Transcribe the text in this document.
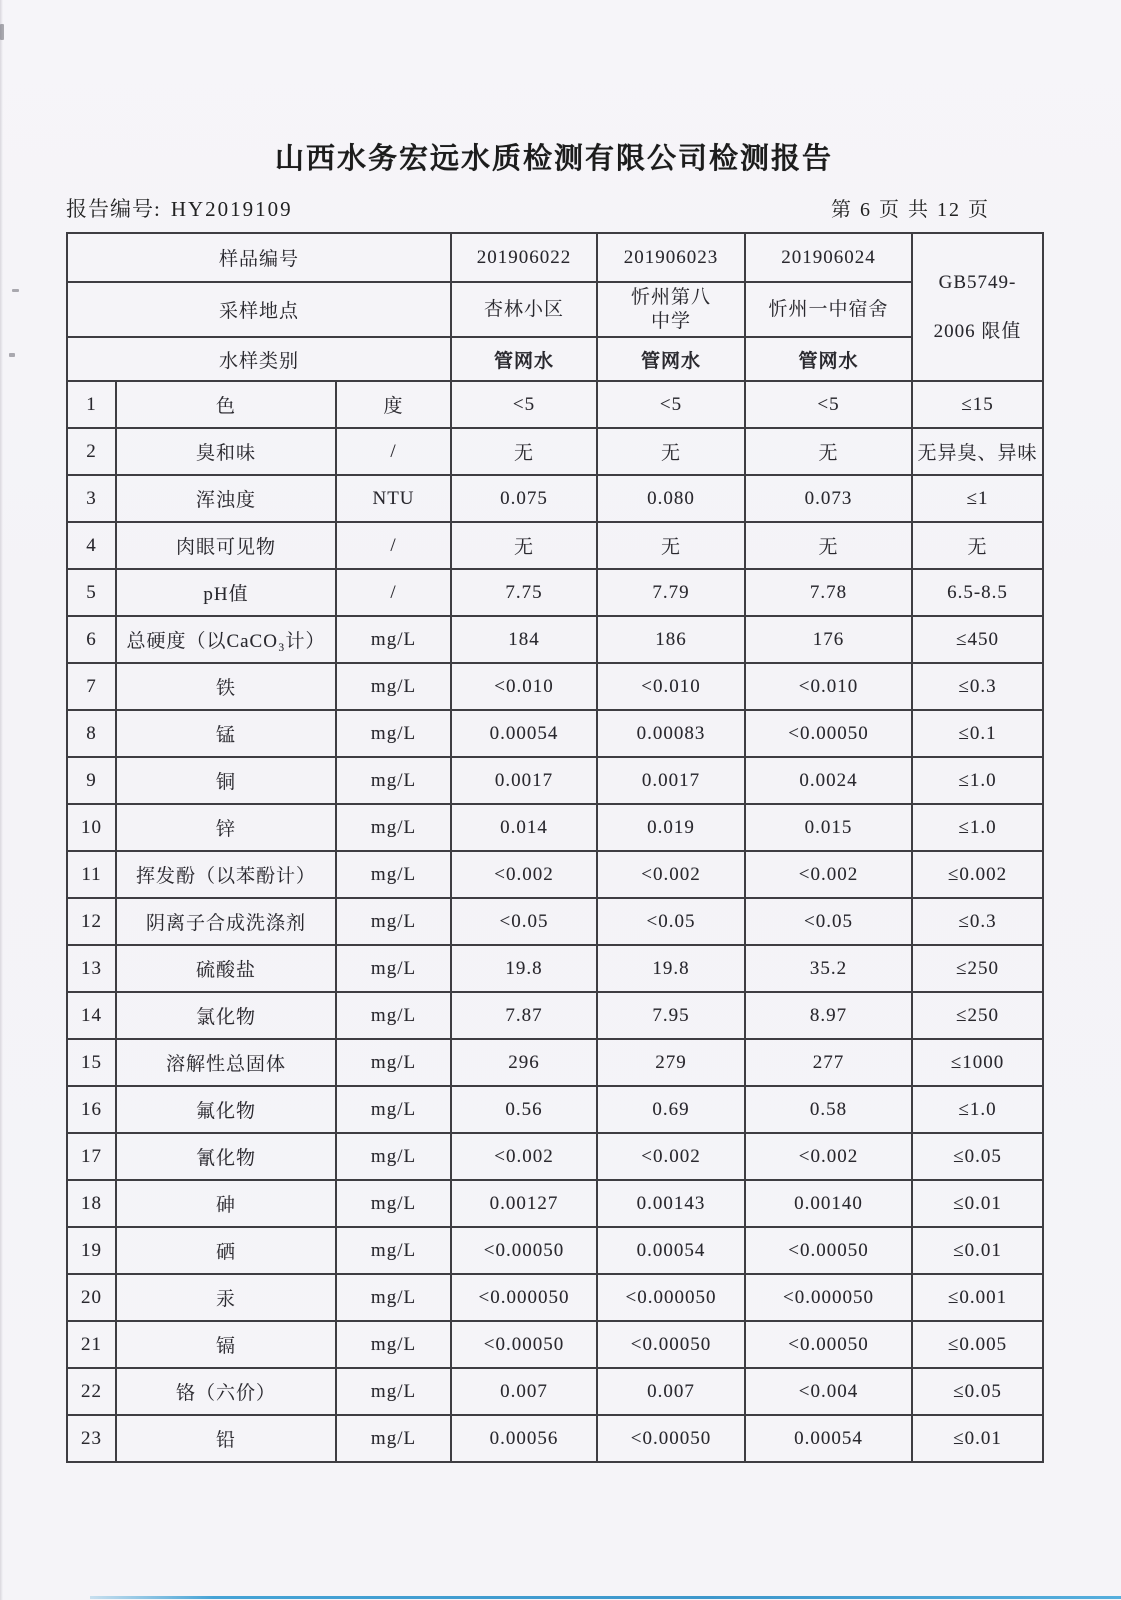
山西水务宏远水质检测有限公司检测报告
报告编号: HY2019109	第 6 页 共 12 页
样品编号			201906022	201906023	201906024	GB5749-
2006 限值

采样地点			杏林小区	忻州第八中学	忻州一中宿舍	
水样类别			管网水	管网水	管网水	
1	色	度	<5	<5	<5	≤15
2	臭和味	/	无	无	无	无异臭、异味
3	浑浊度	NTU	0.075	0.080	0.073	≤1
4	肉眼可见物	/	无	无	无	无
5	pH值	/	7.75	7.79	7.78	6.5-8.5
6	总硬度（以CaCO₃计）	mg/L	184	186	176	≤450
7	铁	mg/L	<0.010	<0.010	<0.010	≤0.3
8	锰	mg/L	0.00054	0.00083	<0.00050	≤0.1
9	铜	mg/L	0.0017	0.0017	0.0024	≤1.0
10	锌	mg/L	0.014	0.019	0.015	≤1.0
11	挥发酚（以苯酚计）	mg/L	<0.002	<0.002	<0.002	≤0.002
12	阴离子合成洗涤剂	mg/L	<0.05	<0.05	<0.05	≤0.3
13	硫酸盐	mg/L	19.8	19.8	35.2	≤250
14	氯化物	mg/L	7.87	7.95	8.97	≤250
15	溶解性总固体	mg/L	296	279	277	≤1000
16	氟化物	mg/L	0.56	0.69	0.58	≤1.0
17	氰化物	mg/L	<0.002	<0.002	<0.002	≤0.05
18	砷	mg/L	0.00127	0.00143	0.00140	≤0.01
19	硒	mg/L	<0.00050	0.00054	<0.00050	≤0.01
20	汞	mg/L	<0.000050	<0.000050	<0.000050	≤0.001
21	镉	mg/L	<0.00050	<0.00050	<0.00050	≤0.005
22	铬（六价）	mg/L	0.007	0.007	<0.004	≤0.05
23	铅	mg/L	0.00056	<0.00050	0.00054	≤0.01
